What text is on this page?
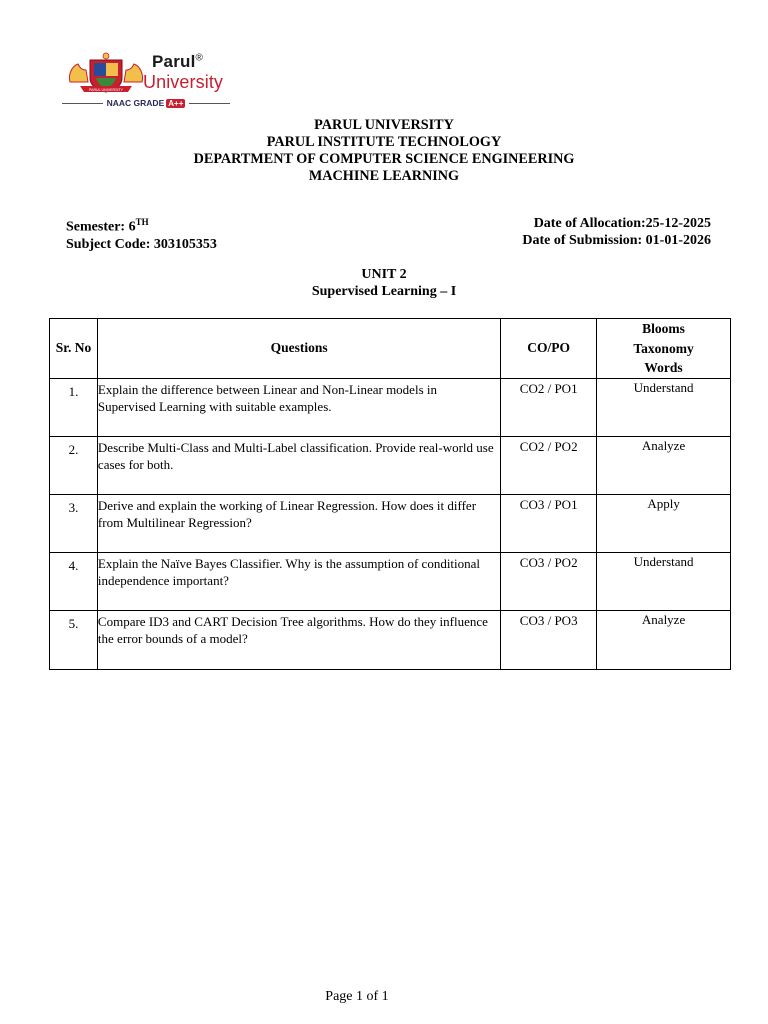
PARUL UNIVERSITY
Parul®
University
NAAC GRADE A++
PARUL UNIVERSITY
PARUL INSTITUTE TECHNOLOGY
DEPARTMENT OF COMPUTER SCIENCE ENGINEERING
MACHINE LEARNING
Semester: 6TH
Subject Code: 303105353
Date of Allocation:25-12-2025
Date of Submission: 01-01-2026
UNIT 2
Supervised Learning – I
Sr. No	Questions	CO/PO	Blooms
Taxonomy
Words

1.	Explain the difference between Linear and Non-Linear models in Supervised Learning with suitable examples.	CO2 / PO1	Understand
2.	Describe Multi-Class and Multi-Label classification. Provide real-world use cases for both.	CO2 / PO2	Analyze
3.	Derive and explain the working of Linear Regression. How does it differ from Multilinear Regression?	CO3 / PO1	Apply
4.	Explain the Naïve Bayes Classifier. Why is the assumption of conditional independence important?	CO3 / PO2	Understand
5.	Compare ID3 and CART Decision Tree algorithms. How do they influence the error bounds of a model?	CO3 / PO3	Analyze
Page 1 of 1
